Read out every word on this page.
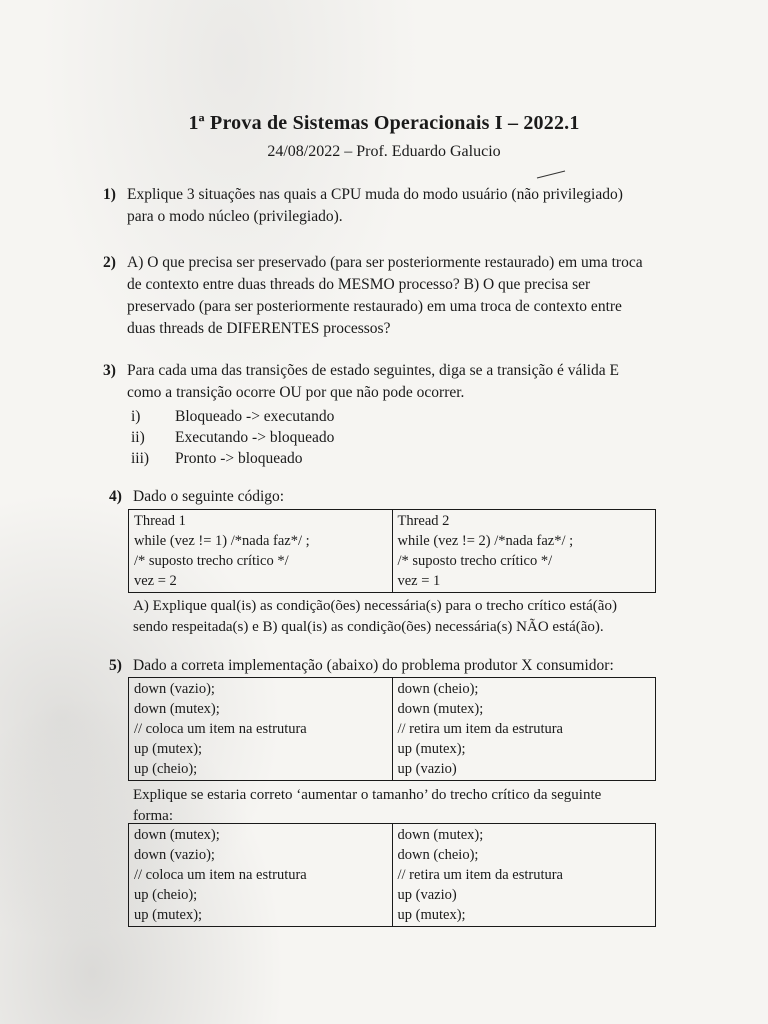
1ª Prova de Sistemas Operacionais I – 2022.1
24/08/2022 – Prof. Eduardo Galucio
1) Explique 3 situações nas quais a CPU muda do modo usuário (não privilegiado)
para o modo núcleo (privilegiado).
2) A) O que precisa ser preservado (para ser posteriormente restaurado) em uma troca
de contexto entre duas threads do MESMO processo? B) O que precisa ser
preservado (para ser posteriormente restaurado) em uma troca de contexto entre
duas threads de DIFERENTES processos?
3) Para cada uma das transições de estado seguintes, diga se a transição é válida E
como a transição ocorre OU por que não pode ocorrer.
i) Bloqueado -> executando
ii) Executando -> bloqueado
iii) Pronto -> bloqueado
4) Dado o seguinte código:
Thread 1
while (vez != 1) /*nada faz*/ ;
/* suposto trecho crítico */
vez = 2

Thread 2
while (vez != 2) /*nada faz*/ ;
/* suposto trecho crítico */
vez = 1
A) Explique qual(is) as condição(ões) necessária(s) para o trecho crítico está(ão)
sendo respeitada(s) e B) qual(is) as condição(ões) necessária(s) NÃO está(ão).
5) Dado a correta implementação (abaixo) do problema produtor X consumidor:
down (vazio);
down (mutex);
// coloca um item na estrutura
up (mutex);
up (cheio);

down (cheio);
down (mutex);
// retira um item da estrutura
up (mutex);
up (vazio)
Explique se estaria correto ‘aumentar o tamanho’ do trecho crítico da seguinte
forma:
down (mutex);
down (vazio);
// coloca um item na estrutura
up (cheio);
up (mutex);

down (mutex);
down (cheio);
// retira um item da estrutura
up (vazio)
up (mutex);
